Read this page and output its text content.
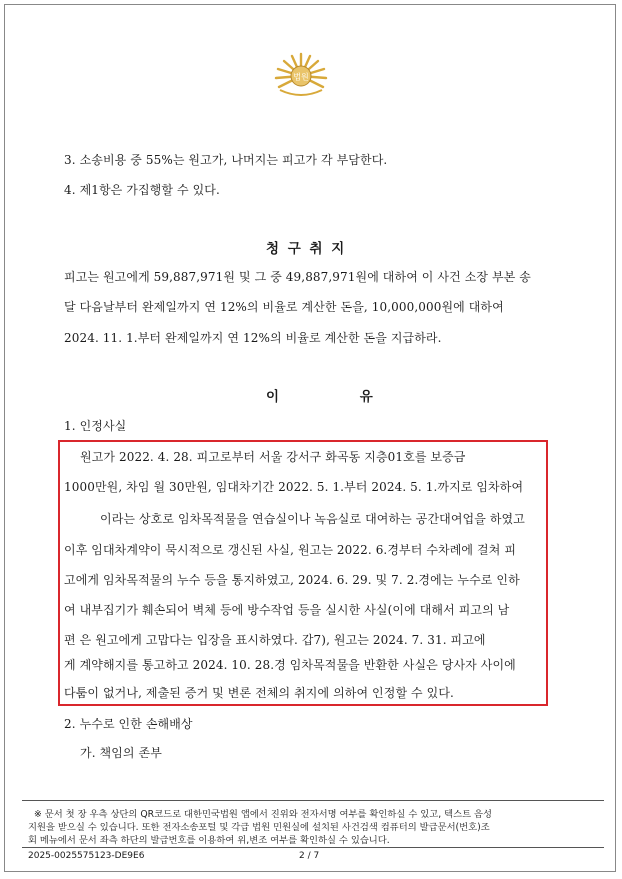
법원
3. 소송비용 중 55%는 원고가, 나머지는 피고가 각 부담한다.
4. 제1항은 가집행할 수 있다.
청 구 취 지
피고는 원고에게 59,887,971원 및 그 중 49,887,971원에 대하여 이 사건 소장 부본 송
달 다음날부터 완제일까지 연 12%의 비율로 계산한 돈을, 10,000,000원에 대하여
2024. 11. 1.부터 완제일까지 연 12%의 비율로 계산한 돈을 지급하라.
이 유
1. 인정사실
원고가 2022. 4. 28. 피고로부터 서울 강서구 화곡동 지층01호를 보증금
1000만원, 차임 월 30만원, 임대차기간 2022. 5. 1.부터 2024. 5. 1.까지로 임차하여
이라는 상호로 임차목적물을 연습실이나 녹음실로 대여하는 공간대여업을 하였고
이후 임대차계약이 묵시적으로 갱신된 사실, 원고는 2022. 6.경부터 수차례에 걸쳐 피
고에게 임차목적물의 누수 등을 통지하였고, 2024. 6. 29. 및 7. 2.경에는 누수로 인하
여 내부집기가 훼손되어 벽체 등에 방수작업 등을 실시한 사실(이에 대해서 피고의 남
편 은 원고에게 고맙다는 입장을 표시하였다. 갑7), 원고는 2024. 7. 31. 피고에
게 계약해지를 통고하고 2024. 10. 28.경 임차목적물을 반환한 사실은 당사자 사이에
다툼이 없거나, 제출된 증거 및 변론 전체의 취지에 의하여 인정할 수 있다.
2. 누수로 인한 손해배상
가. 책임의 존부
※ 문서 첫 장 우측 상단의 QR코드로 대한민국법원 앱에서 진위와 전자서명 여부를 확인하실 수 있고, 텍스트 음성
지원을 받으실 수 있습니다. 또한 전자소송포털 및 각급 법원 민원실에 설치된 사건검색 컴퓨터의 발급문서(번호)조
회 메뉴에서 문서 좌측 하단의 발급번호를 이용하여 위,변조 여부를 확인하실 수 있습니다.
2025-0025575123-DE9E6	2 / 7
